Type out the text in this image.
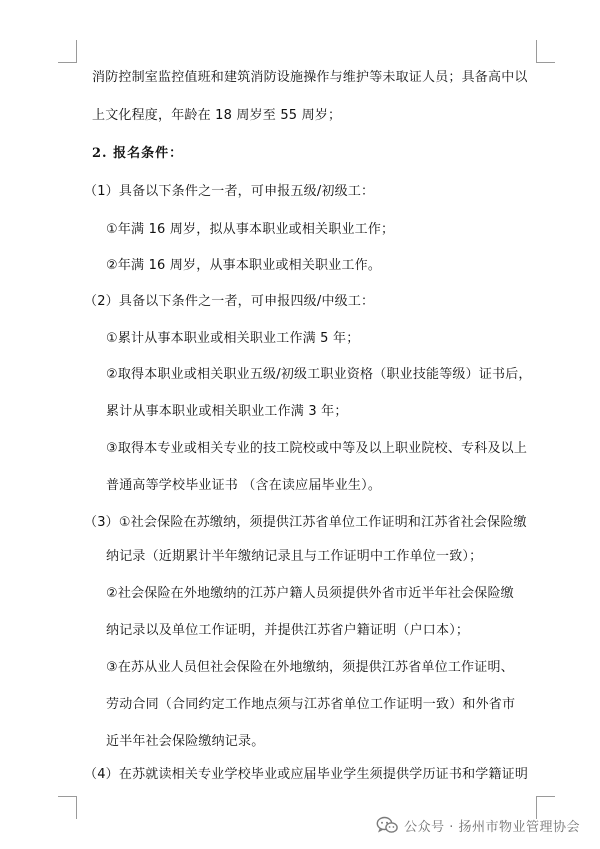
消防控制室监控值班和建筑消防设施操作与维护等未取证人员；具备高中以
上文化程度，年龄在 18 周岁至 55 周岁；
2. 报名条件：
（1）具备以下条件之一者，可申报五级/初级工：
①年满 16 周岁，拟从事本职业或相关职业工作；
②年满 16 周岁，从事本职业或相关职业工作。
（2）具备以下条件之一者，可申报四级/中级工：
①累计从事本职业或相关职业工作满 5 年；
②取得本职业或相关职业五级/初级工职业资格（职业技能等级）证书后，
累计从事本职业或相关职业工作满 3 年；
③取得本专业或相关专业的技工院校或中等及以上职业院校、专科及以上
普通高等学校毕业证书 （含在读应届毕业生）。
（3）①社会保险在苏缴纳，须提供江苏省单位工作证明和江苏省社会保险缴
纳记录（近期累计半年缴纳记录且与工作证明中工作单位一致）；
②社会保险在外地缴纳的江苏户籍人员须提供外省市近半年社会保险缴
纳记录以及单位工作证明，并提供江苏省户籍证明（户口本）；
③在苏从业人员但社会保险在外地缴纳，须提供江苏省单位工作证明、
劳动合同（合同约定工作地点须与江苏省单位工作证明一致）和外省市
近半年社会保险缴纳记录。
（4）在苏就读相关专业学校毕业或应届毕业学生须提供学历证书和学籍证明
公众号 · 扬州市物业管理协会
